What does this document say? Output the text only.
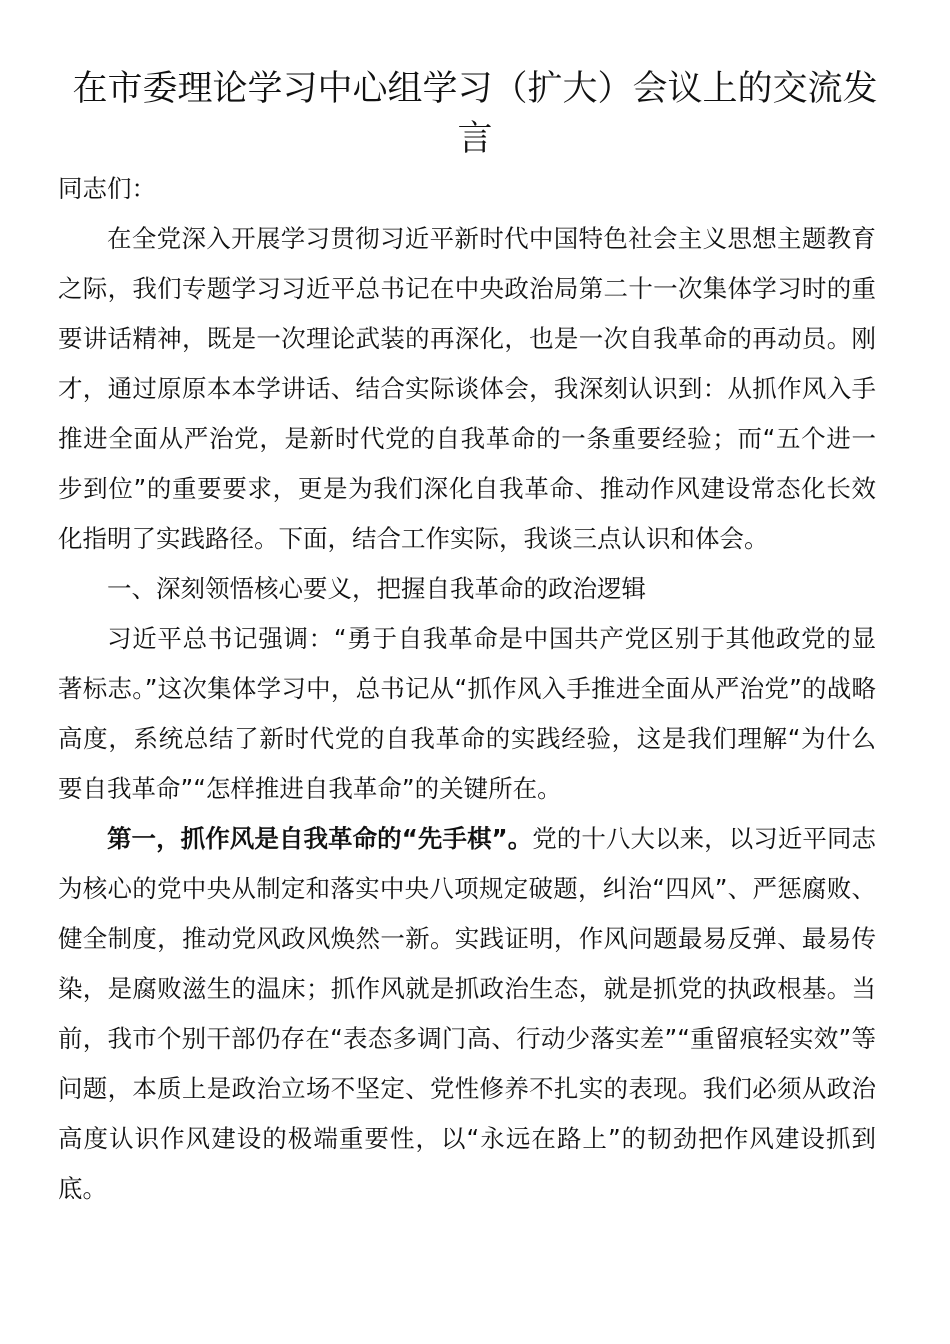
在市委理论学习中心组学习（扩大）会议上的交流发言

同志们：

在全党深入开展学习贯彻习近平新时代中国特色社会主义思想主题教育之际，我们专题学习习近平总书记在中央政治局第二十一次集体学习时的重要讲话精神，既是一次理论武装的再深化，也是一次自我革命的再动员。刚才，通过原原本本学讲话、结合实际谈体会，我深刻认识到：从抓作风入手推进全面从严治党，是新时代党的自我革命的一条重要经验；而“五个进一步到位”的重要要求，更是为我们深化自我革命、推动作风建设常态化长效化指明了实践路径。下面，结合工作实际，我谈三点认识和体会。

一、深刻领悟核心要义，把握自我革命的政治逻辑

习近平总书记强调：“勇于自我革命是中国共产党区别于其他政党的显著标志。”这次集体学习中，总书记从“抓作风入手推进全面从严治党”的战略高度，系统总结了新时代党的自我革命的实践经验，这是我们理解“为什么要自我革命”“怎样推进自我革命”的关键所在。

第一，抓作风是自我革命的“先手棋”。党的十八大以来，以习近平同志为核心的党中央从制定和落实中央八项规定破题，纠治“四风”、严惩腐败、健全制度，推动党风政风焕然一新。实践证明，作风问题最易反弹、最易传染，是腐败滋生的温床；抓作风就是抓政治生态，就是抓党的执政根基。当前，我市个别干部仍存在“表态多调门高、行动少落实差”“重留痕轻实效”等问题，本质上是政治立场不坚定、党性修养不扎实的表现。我们必须从政治高度认识作风建设的极端重要性，以“永远在路上”的韧劲把作风建设抓到底。
